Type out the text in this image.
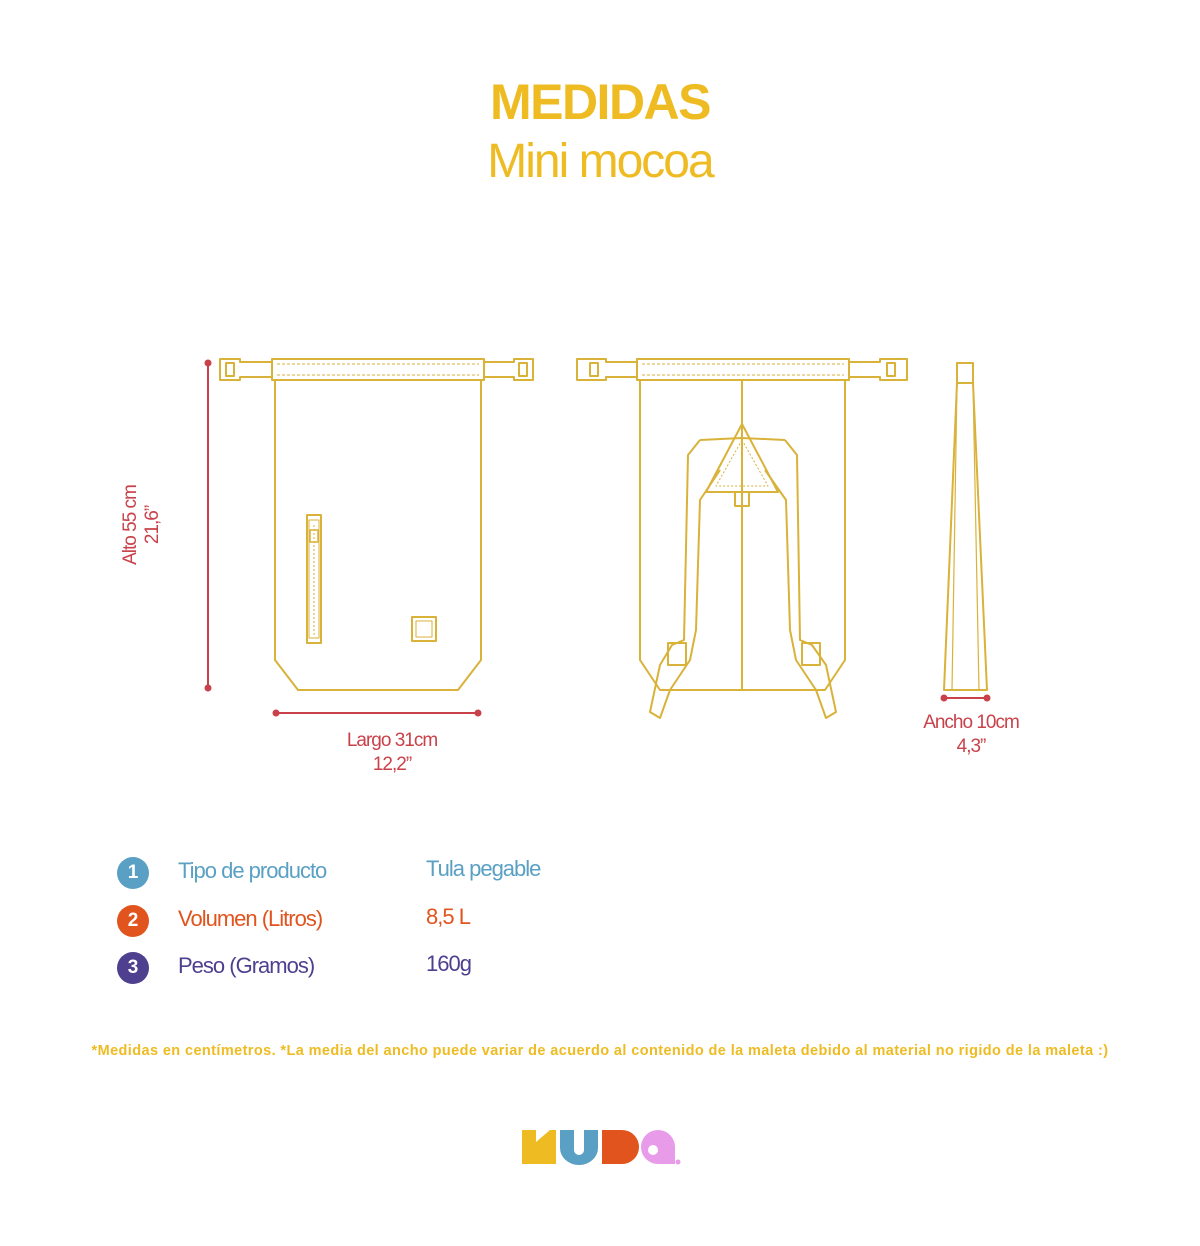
MEDIDAS
Mini mocoa
Alto 55 cm 21,6”
Largo 31cm
12,2”
Ancho 10cm
4,3”
1	Tipo de producto	Tula pegable
2	Volumen (Litros)	8,5 L
3	Peso (Gramos)	160g
*Medidas en centímetros. *La media del ancho puede variar de acuerdo al contenido de la maleta debido al material no rigido de la maleta :)
